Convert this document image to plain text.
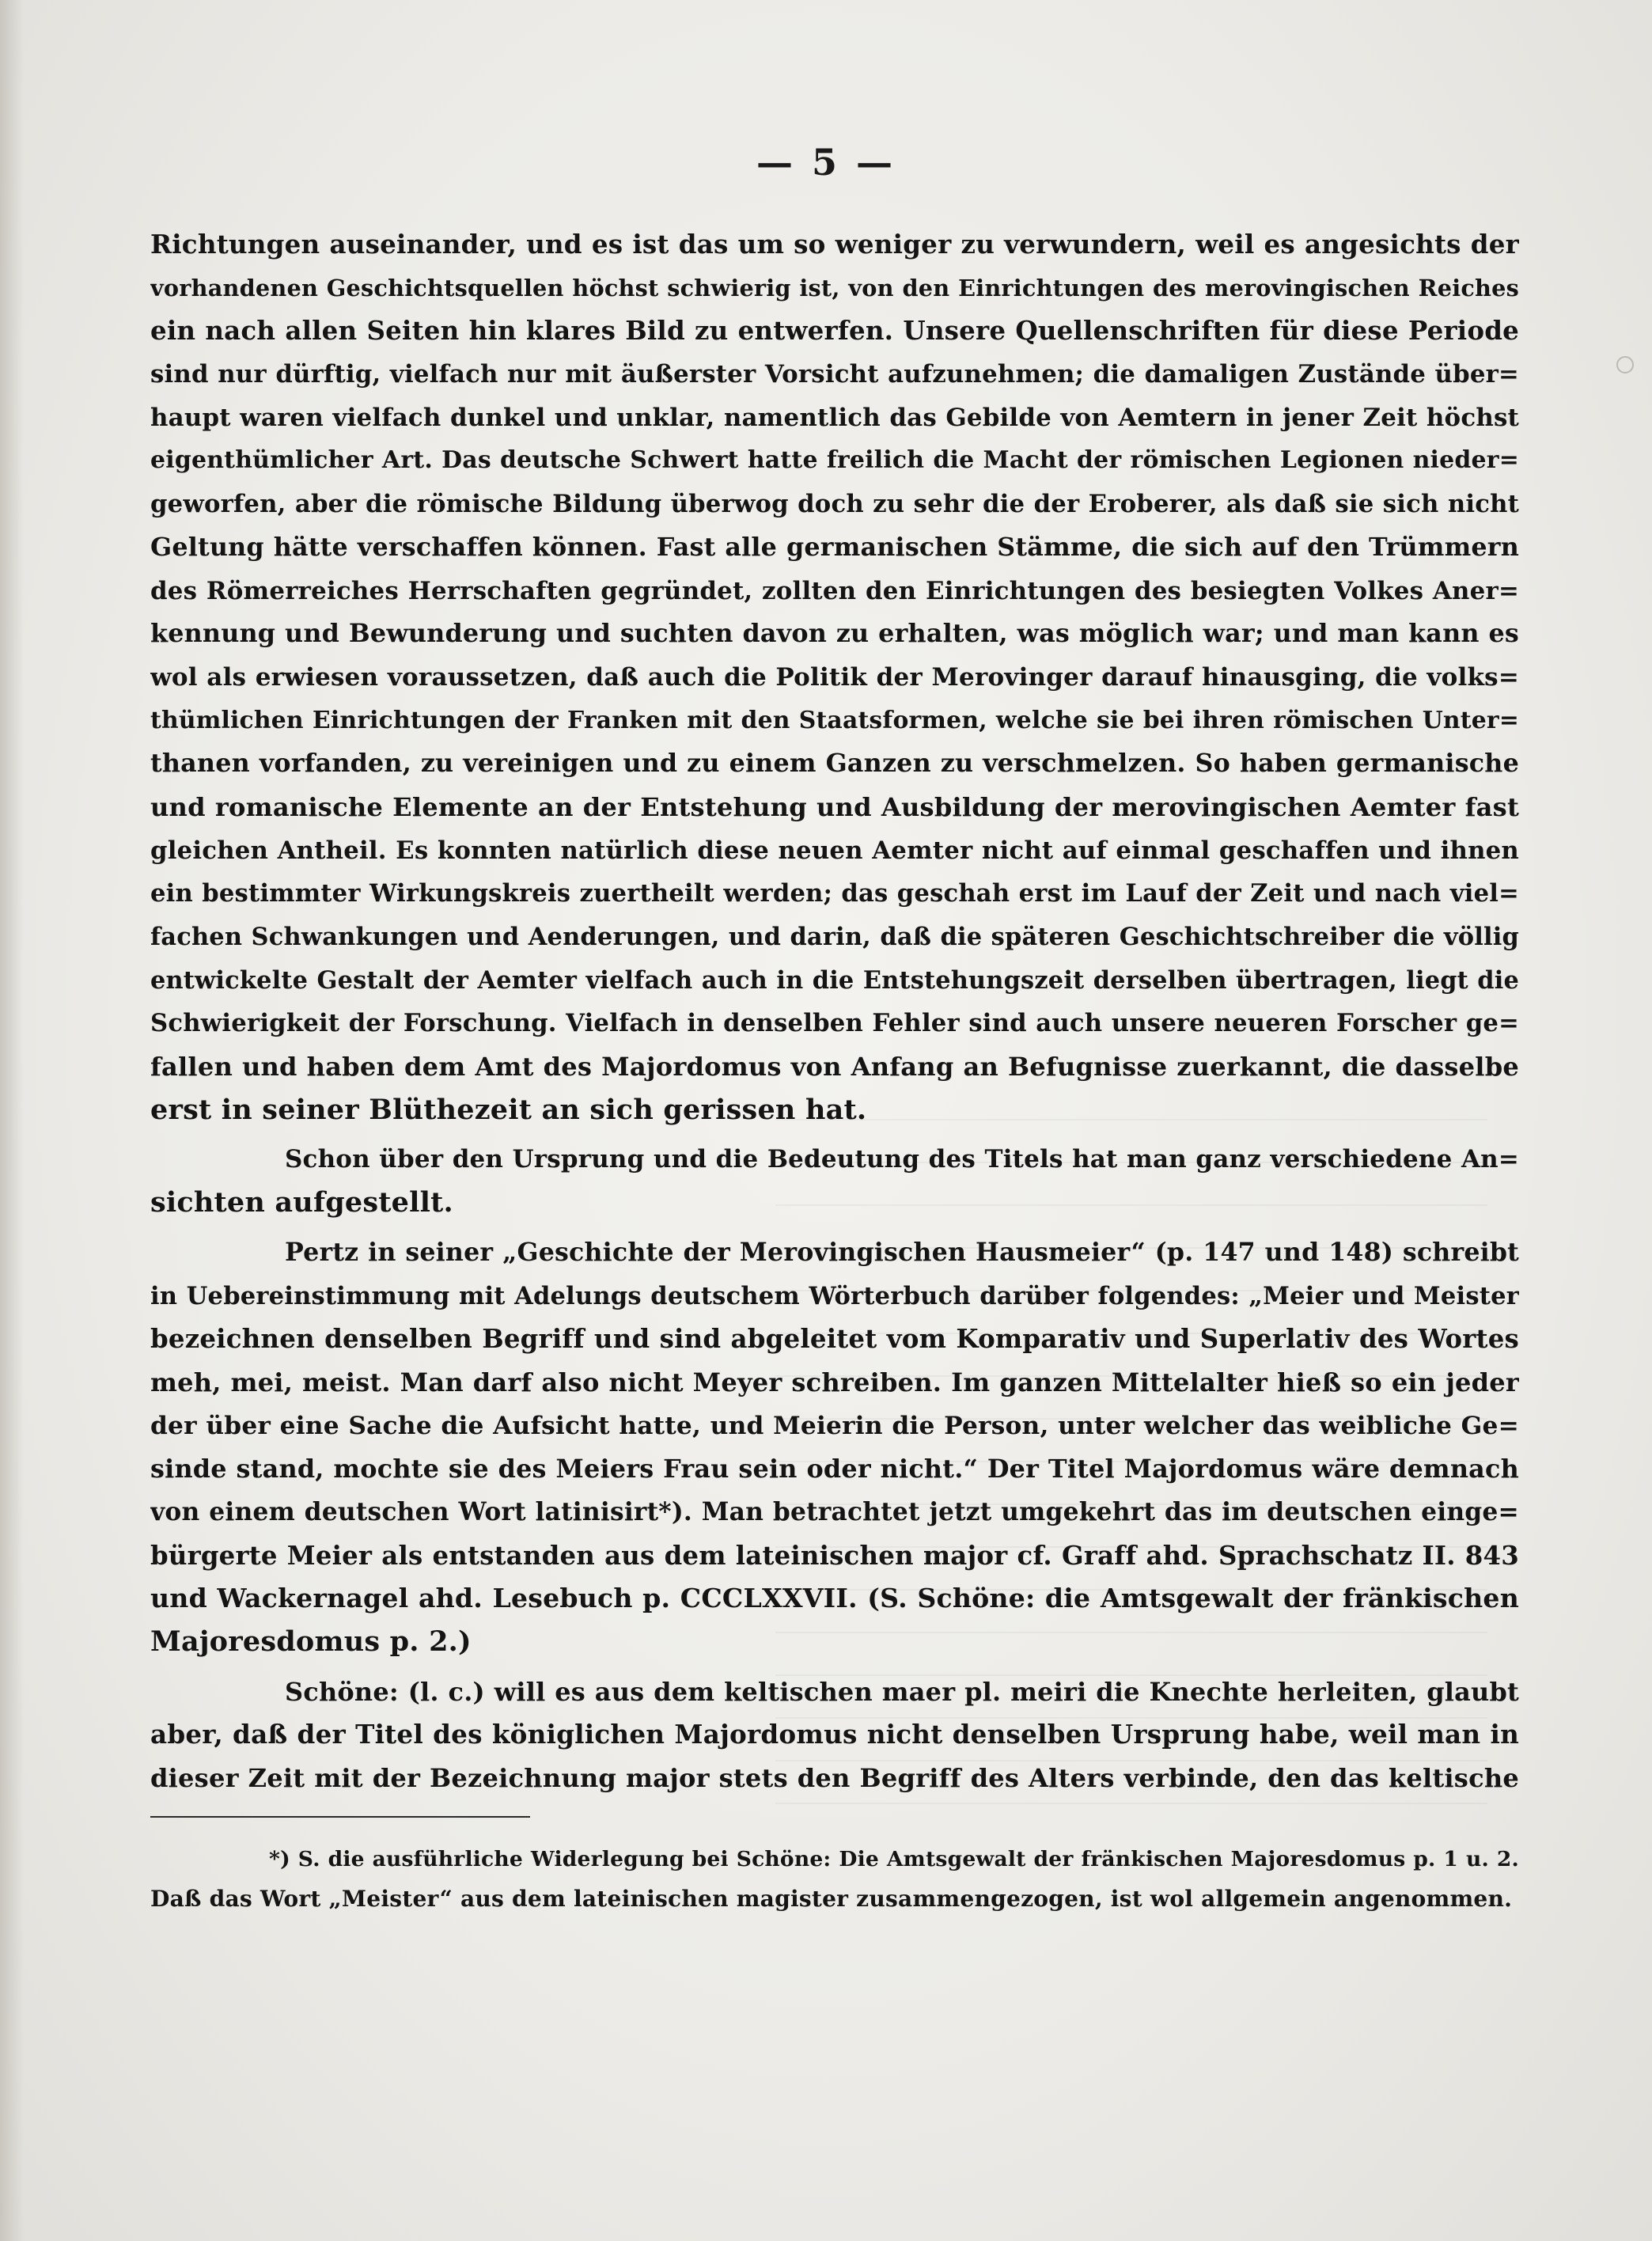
— 5 —
Richtungen auseinander, und es ist das um so weniger zu verwundern, weil es angesichts der
vorhandenen Geschichtsquellen höchst schwierig ist, von den Einrichtungen des merovingischen Reiches
ein nach allen Seiten hin klares Bild zu entwerfen. Unsere Quellenschriften für diese Periode
sind nur dürftig, vielfach nur mit äußerster Vorsicht aufzunehmen; die damaligen Zustände über=
haupt waren vielfach dunkel und unklar, namentlich das Gebilde von Aemtern in jener Zeit höchst
eigenthümlicher Art. Das deutsche Schwert hatte freilich die Macht der römischen Legionen nieder=
geworfen, aber die römische Bildung überwog doch zu sehr die der Eroberer, als daß sie sich nicht
Geltung hätte verschaffen können. Fast alle germanischen Stämme, die sich auf den Trümmern
des Römerreiches Herrschaften gegründet, zollten den Einrichtungen des besiegten Volkes Aner=
kennung und Bewunderung und suchten davon zu erhalten, was möglich war; und man kann es
wol als erwiesen voraussetzen, daß auch die Politik der Merovinger darauf hinausging, die volks=
thümlichen Einrichtungen der Franken mit den Staatsformen, welche sie bei ihren römischen Unter=
thanen vorfanden, zu vereinigen und zu einem Ganzen zu verschmelzen. So haben germanische
und romanische Elemente an der Entstehung und Ausbildung der merovingischen Aemter fast
gleichen Antheil. Es konnten natürlich diese neuen Aemter nicht auf einmal geschaffen und ihnen
ein bestimmter Wirkungskreis zuertheilt werden; das geschah erst im Lauf der Zeit und nach viel=
fachen Schwankungen und Aenderungen, und darin, daß die späteren Geschichtschreiber die völlig
entwickelte Gestalt der Aemter vielfach auch in die Entstehungszeit derselben übertragen, liegt die
Schwierigkeit der Forschung. Vielfach in denselben Fehler sind auch unsere neueren Forscher ge=
fallen und haben dem Amt des Majordomus von Anfang an Befugnisse zuerkannt, die dasselbe
erst in seiner Blüthezeit an sich gerissen hat.
Schon über den Ursprung und die Bedeutung des Titels hat man ganz verschiedene An=
sichten aufgestellt.
Pertz in seiner „Geschichte der Merovingischen Hausmeier“ (p. 147 und 148) schreibt
in Uebereinstimmung mit Adelungs deutschem Wörterbuch darüber folgendes: „Meier und Meister
bezeichnen denselben Begriff und sind abgeleitet vom Komparativ und Superlativ des Wortes
meh, mei, meist. Man darf also nicht Meyer schreiben. Im ganzen Mittelalter hieß so ein jeder
der über eine Sache die Aufsicht hatte, und Meierin die Person, unter welcher das weibliche Ge=
sinde stand, mochte sie des Meiers Frau sein oder nicht.“ Der Titel Majordomus wäre demnach
von einem deutschen Wort latinisirt*). Man betrachtet jetzt umgekehrt das im deutschen einge=
bürgerte Meier als entstanden aus dem lateinischen major cf. Graff ahd. Sprachschatz II. 843
und Wackernagel ahd. Lesebuch p. CCCLXXVII. (S. Schöne: die Amtsgewalt der fränkischen
Majoresdomus p. 2.)
Schöne: (l. c.) will es aus dem keltischen maer pl. meiri die Knechte herleiten, glaubt
aber, daß der Titel des königlichen Majordomus nicht denselben Ursprung habe, weil man in
dieser Zeit mit der Bezeichnung major stets den Begriff des Alters verbinde, den das keltische
*) S. die ausführliche Widerlegung bei Schöne: Die Amtsgewalt der fränkischen Majoresdomus p. 1 u. 2.
Daß das Wort „Meister“ aus dem lateinischen magister zusammengezogen, ist wol allgemein angenommen.
